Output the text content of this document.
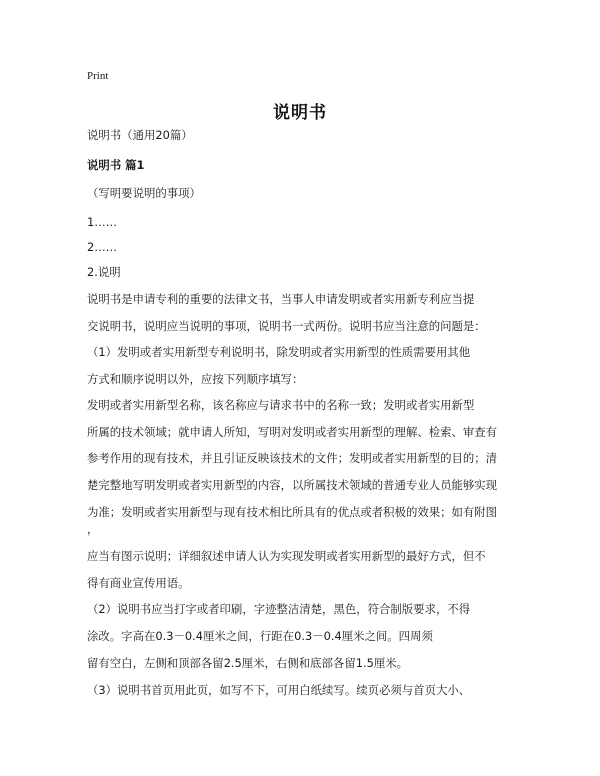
Print
说明书

说明书（通用20篇）

说明书 篇1

（写明要说明的事项）

1……

2……

2.说明

说明书是申请专利的重要的法律文书，当事人申请发明或者实用新专利应当提

交说明书，说明应当说明的事项，说明书一式两份。说明书应当注意的问题是：

（1）发明或者实用新型专利说明书，除发明或者实用新型的性质需要用其他

方式和顺序说明以外，应按下列顺序填写：

发明或者实用新型名称，该名称应与请求书中的名称一致；发明或者实用新型

所属的技术领域；就申请人所知，写明对发明或者实用新型的理解、检索、审查有

参考作用的现有技术，并且引证反映该技术的文件；发明或者实用新型的目的；清

楚完整地写明发明或者实用新型的内容，以所属技术领域的普通专业人员能够实现

为准；发明或者实用新型与现有技术相比所具有的优点或者积极的效果；如有附图

，

应当有图示说明；详细叙述申请人认为实现发明或者实用新型的最好方式，但不

得有商业宣传用语。

（2）说明书应当打字或者印刷，字迹整洁清楚，黑色，符合制版要求，不得

涂改。字高在0.3－0.4厘米之间，行距在0.3－0.4厘米之间。四周须

留有空白，左侧和顶部各留2.5厘米，右侧和底部各留1.5厘米。

（3）说明书首页用此页，如写不下，可用白纸续写。续页必须与首页大小、
